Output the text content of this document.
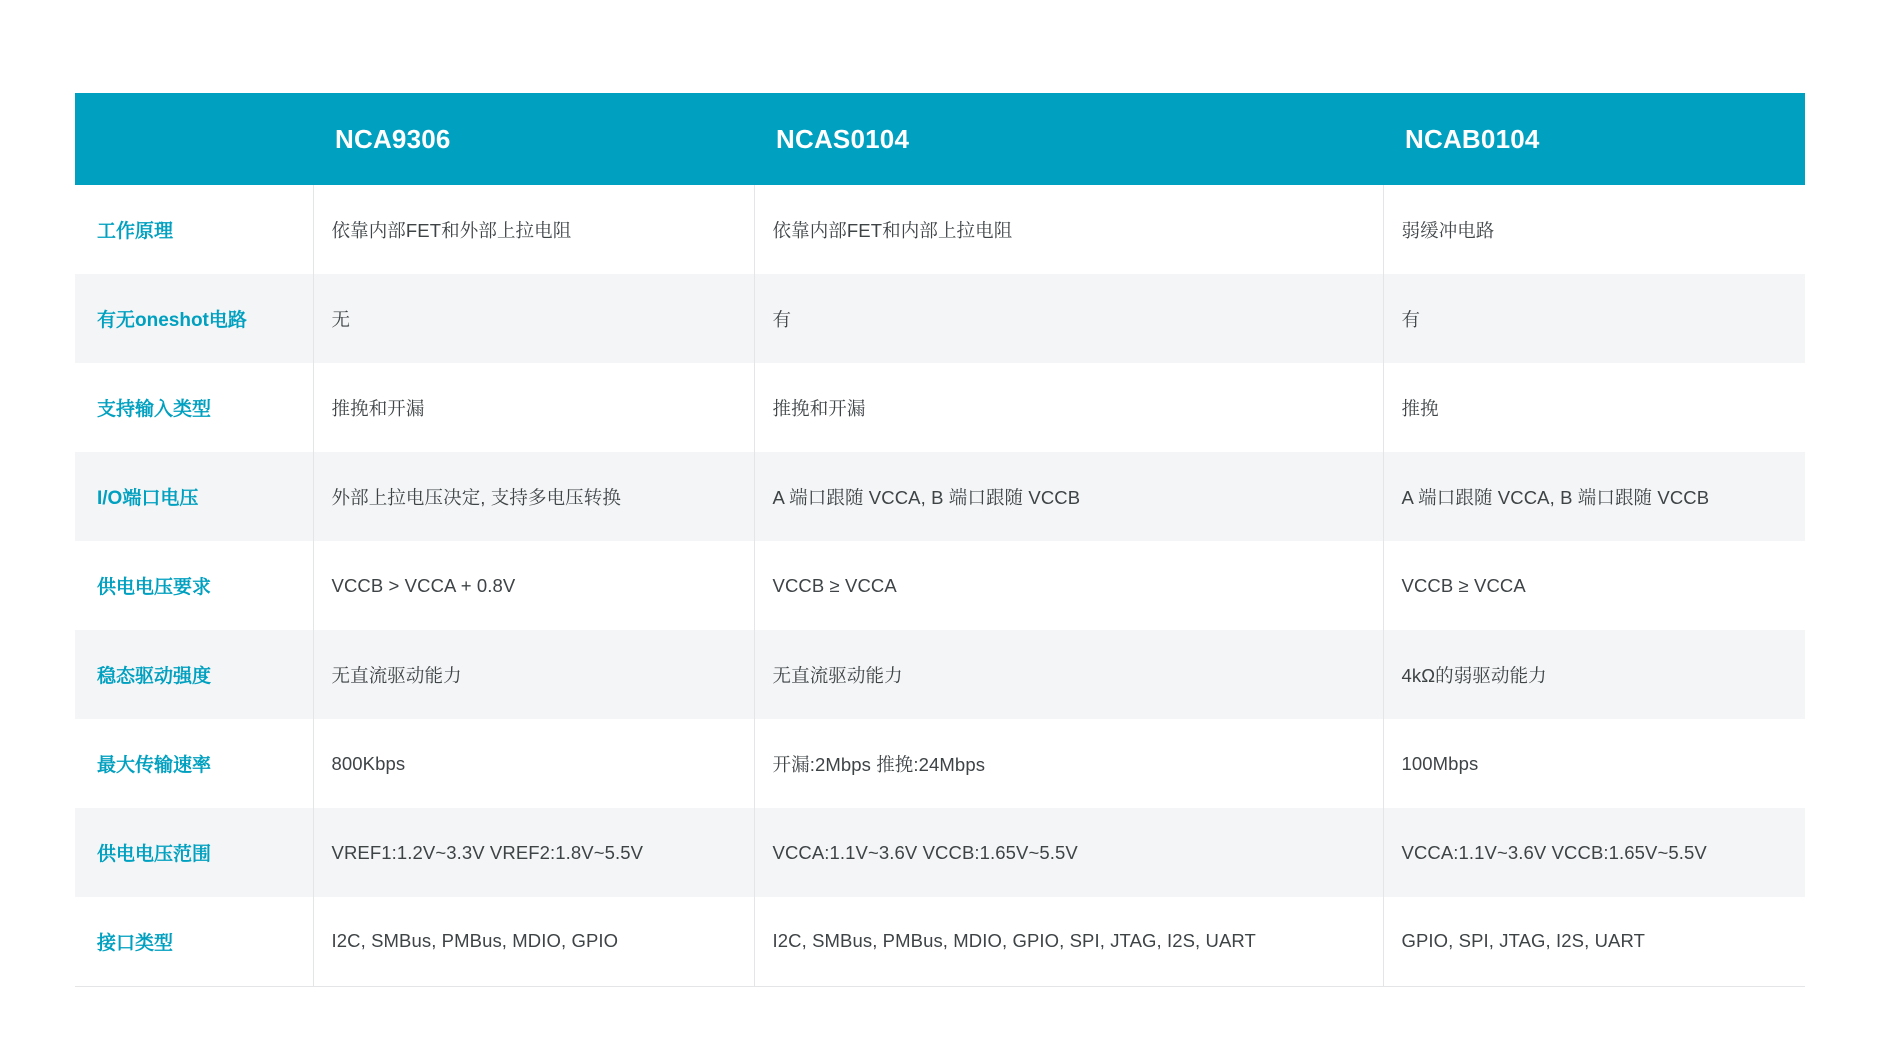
	NCA9306	NCAS0104	NCAB0104
工作原理	依靠内部FET和外部上拉电阻	依靠内部FET和内部上拉电阻	弱缓冲电路
有无oneshot电路	无	有	有
支持输入类型	推挽和开漏	推挽和开漏	推挽
I/O端口电压	外部上拉电压决定, 支持多电压转换	A 端口跟随 VCCA, B 端口跟随 VCCB	A 端口跟随 VCCA, B 端口跟随 VCCB
供电电压要求	VCCB > VCCA + 0.8V	VCCB ≥ VCCA	VCCB ≥ VCCA
稳态驱动强度	无直流驱动能力	无直流驱动能力	4kΩ的弱驱动能力
最大传输速率	800Kbps	开漏:2Mbps 推挽:24Mbps	100Mbps
供电电压范围	VREF1:1.2V~3.3V VREF2:1.8V~5.5V	VCCA:1.1V~3.6V VCCB:1.65V~5.5V	VCCA:1.1V~3.6V VCCB:1.65V~5.5V
接口类型	I2C, SMBus, PMBus, MDIO, GPIO	I2C, SMBus, PMBus, MDIO, GPIO, SPI, JTAG, I2S, UART	GPIO, SPI, JTAG, I2S, UART
